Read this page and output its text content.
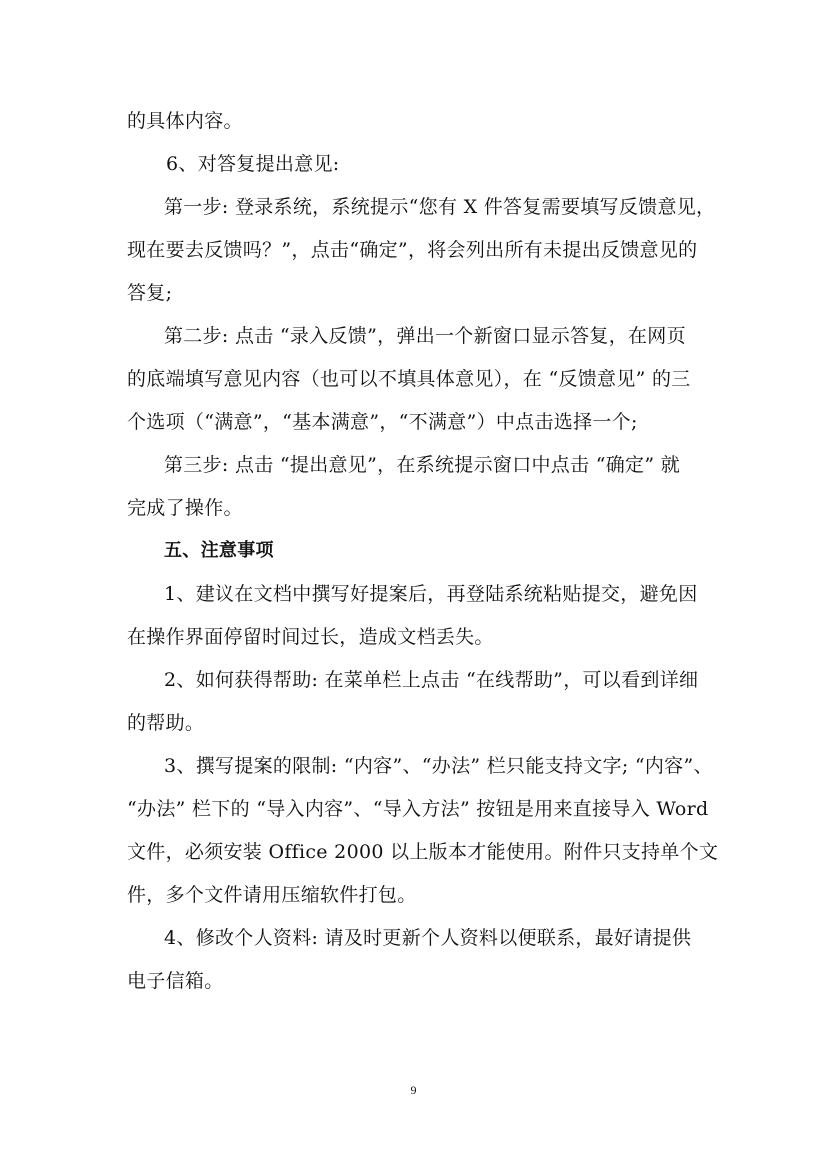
的具体内容。
6、对答复提出意见:
第一步: 登录系统，系统提示“您有 X 件答复需要填写反馈意见，
现在要去反馈吗？”，点击“确定”，将会列出所有未提出反馈意见的
答复;
第二步: 点击 “录入反馈”，弹出一个新窗口显示答复，在网页
的底端填写意见内容（也可以不填具体意见），在 “反馈意见” 的三
个选项（“满意”，“基本满意”，“不满意”）中点击选择一个;
第三步: 点击 “提出意见”，在系统提示窗口中点击 “确定” 就
完成了操作。
五、注意事项
1、建议在文档中撰写好提案后，再登陆系统粘贴提交，避免因
在操作界面停留时间过长，造成文档丢失。
2、如何获得帮助: 在菜单栏上点击 “在线帮助”，可以看到详细
的帮助。
3、撰写提案的限制: “内容”、“办法” 栏只能支持文字; “内容”、
“办法” 栏下的 “导入内容”、“导入方法” 按钮是用来直接导入 Word
文件，必须安装 Office 2000 以上版本才能使用。附件只支持单个文
件，多个文件请用压缩软件打包。
4、修改个人资料: 请及时更新个人资料以便联系，最好请提供
电子信箱。
9
